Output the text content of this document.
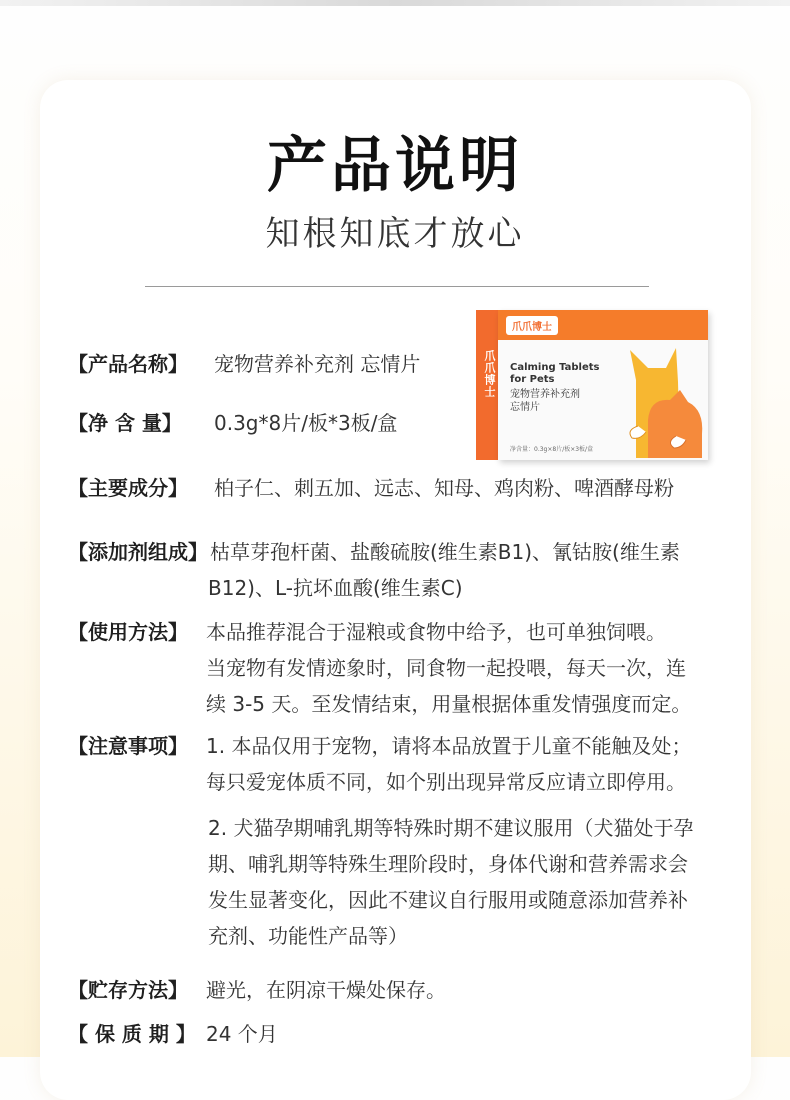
产品说明
知根知底才放心
爪爪博士
爪爪博士
Calming Tablets
for Pets
宠物营养补充剂
忘情片
净含量：0.3g×8片/板×3板/盒
【产品名称】 宠物营养补充剂 忘情片
【净 含 量】 0.3g*8片/板*3板/盒
【主要成分】 柏子仁、刺五加、远志、知母、鸡肉粉、啤酒酵母粉
【添加剂组成】 枯草芽孢杆菌、盐酸硫胺(维生素B1)、氰钴胺(维生素
B12)、L-抗坏血酸(维生素C)
【使用方法】 本品推荐混合于湿粮或食物中给予，也可单独饲喂。
当宠物有发情迹象时，同食物一起投喂，每天一次，连
续 3-5 天。至发情结束，用量根据体重发情强度而定。
【注意事项】 1. 本品仅用于宠物，请将本品放置于儿童不能触及处；
每只爱宠体质不同，如个别出现异常反应请立即停用。
2. 犬猫孕期哺乳期等特殊时期不建议服用（犬猫处于孕
期、哺乳期等特殊生理阶段时，身体代谢和营养需求会
发生显著变化，因此不建议自行服用或随意添加营养补
充剂、功能性产品等）
【贮存方法】 避光，在阴凉干燥处保存。
【 保 质 期 】 24 个月
